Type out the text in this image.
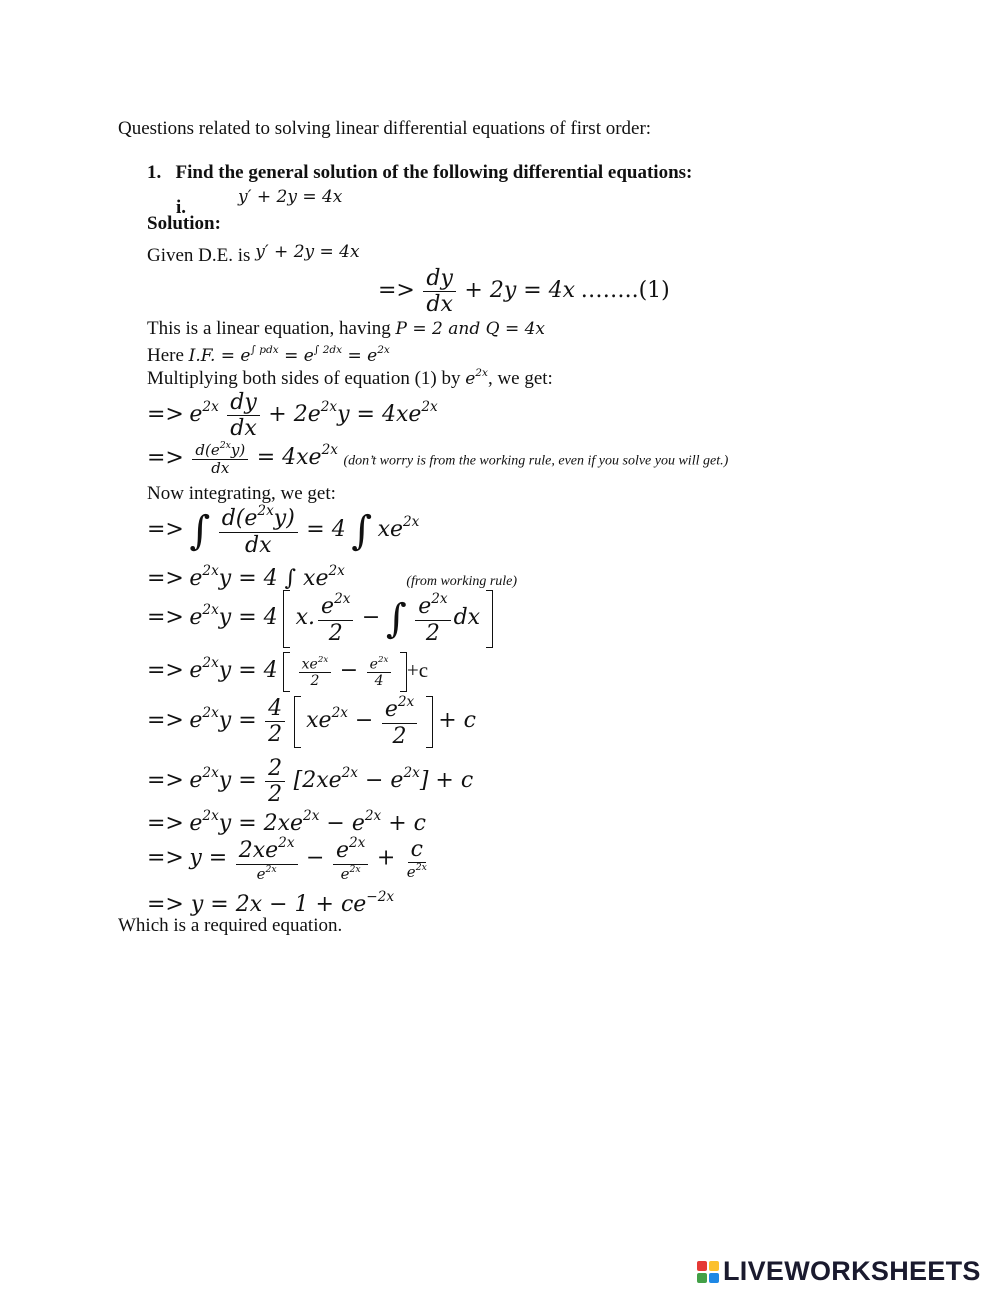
Questions related to solving linear differential equations of first order:
1. Find the general solution of the following differential equations:
i.	y′ + 2y = 4x
Solution:
Given D.E. is y′ + 2y = 4x
=> $\frac{dy}{dx} + 2y = 4x$ ……..(1)
This is a linear equation, having P = 2 and Q = 4x
Here I.F. = $e^{\int pdx} = e^{\int 2dx} = e^{2x}$
Multiplying both sides of equation (1) by $e^{2x}$, we get:
=> $e^{2x} \frac{dy}{dx} + 2e^{2x}y = 4xe^{2x}$
=> $\frac{d(e^{2x}y)}{dx} = 4xe^{2x}$ (don’t worry is from the working rule, even if you solve you will get.)
Now integrating, we get:
=> ∫ $\frac{d(e^{2x}y)}{dx} = 4$ ∫ $xe^{2x}$
=> $e^{2x}y = 4$ ∫ $xe^{2x}$ (from working rule)
=> $e^{2x}y = 4$ x. $\frac{e^{2x}}{2}$ − ∫ $\frac{e^{2x}}{2}$ dx
=> $e^{2x}y = 4 \frac{xe^{2x}}{2} - \frac{e^{2x}}{4} +c$
=> $e^{2x}y = \frac{4}{2} xe^{2x} - \frac{e^{2x}}{2} + c$
=> $e^{2x}y = \frac{2}{2} [2xe^{2x} - e^{2x}] + c$
=> $e^{2x}y = 2xe^{2x} - e^{2x} + c$
=> $y = \frac{2xe^{2x}}{e^{2x}} - \frac{e^{2x}}{e^{2x}} + \frac{c}{e^{2x}}$
=> $y = 2x - 1 + ce^{-2x}$
Which is a required equation.
LIVEWORKSHEETS
